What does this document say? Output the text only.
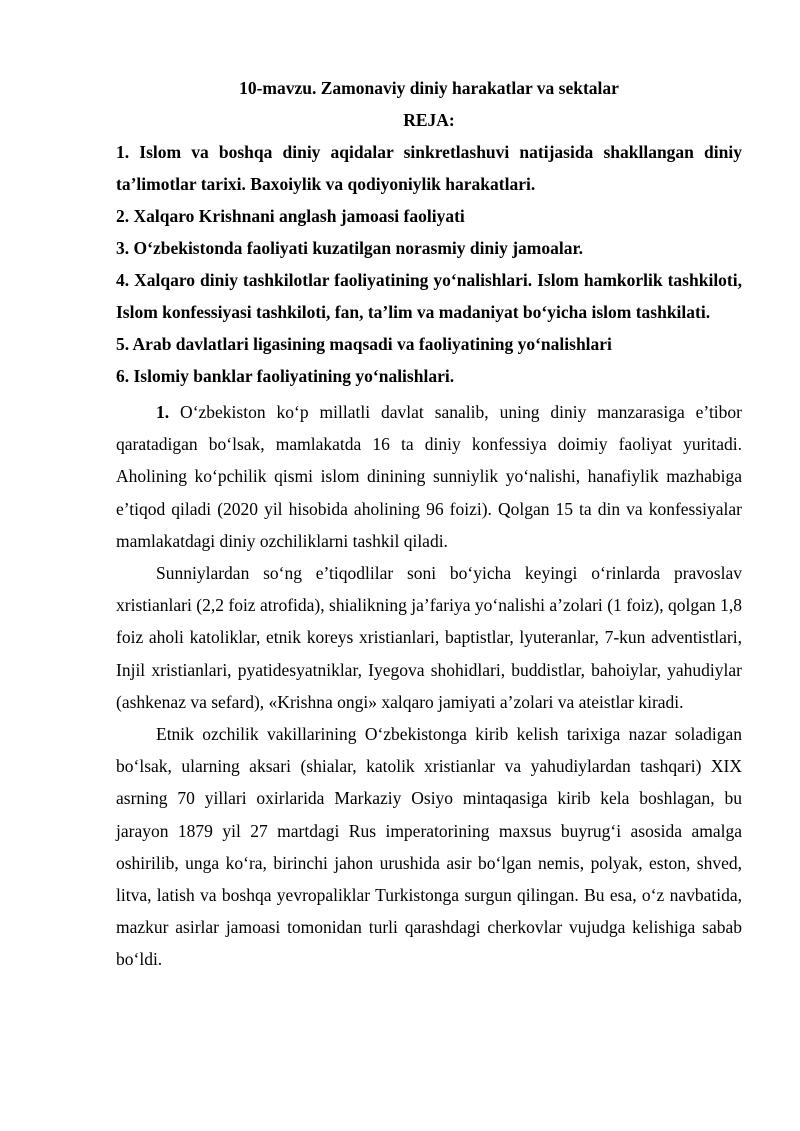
10-mavzu. Zamonaviy diniy harakatlar va sektalar
REJA:
1. Islom va boshqa diniy aqidalar sinkretlashuvi natijasida shakllangan diniy ta’limotlar tarixi. Baxoiylik va qodiyoniylik harakatlari.
2. Xalqaro Krishnani anglash jamoasi faoliyati
3. O‘zbekistonda faoliyati kuzatilgan norasmiy diniy jamoalar.
4. Xalqaro diniy tashkilotlar faoliyatining yo‘nalishlari. Islom hamkorlik tashkiloti, Islom konfessiyasi tashkiloti, fan, ta’lim va madaniyat bo‘yicha islom tashkilati.
5. Arab davlatlari ligasining maqsadi va faoliyatining yo‘nalishlari
6. Islomiy banklar faoliyatining yo‘nalishlari.

1. O‘zbekiston ko‘p millatli davlat sanalib, uning diniy manzarasiga e’tibor qaratadigan bo‘lsak, mamlakatda 16 ta diniy konfessiya doimiy faoliyat yuritadi. Aholining ko‘pchilik qismi islom dinining sunniylik yo‘nalishi, hanafiylik mazhabiga e’tiqod qiladi (2020 yil hisobida aholining 96 foizi). Qolgan 15 ta din va konfessiyalar mamlakatdagi diniy ozchiliklarni tashkil qiladi.

Sunniylardan so‘ng e’tiqodlilar soni bo‘yicha keyingi o‘rinlarda pravoslav xristianlari (2,2 foiz atrofida), shialikning ja’fariya yo‘nalishi a’zolari (1 foiz), qolgan 1,8 foiz aholi katoliklar, etnik koreys xristianlari, baptistlar, lyuteranlar, 7-kun adventistlari, Injil xristianlari, pyatidesyatniklar, Iyegova shohidlari, buddistlar, bahoiylar, yahudiylar (ashkenaz va sefard), «Krishna ongi» xalqaro jamiyati a’zolari va ateistlar kiradi.

Etnik ozchilik vakillarining O‘zbekistonga kirib kelish tarixiga nazar soladigan bo‘lsak, ularning aksari (shialar, katolik xristianlar va yahudiylardan tashqari) XIX asrning 70 yillari oxirlarida Markaziy Osiyo mintaqasiga kirib kela boshlagan, bu jarayon 1879 yil 27 martdagi Rus imperatorining maxsus buyrug‘i asosida amalga oshirilib, unga ko‘ra, birinchi jahon urushida asir bo‘lgan nemis, polyak, eston, shved, litva, latish va boshqa yevropaliklar Turkistonga surgun qilingan. Bu esa, o‘z navbatida, mazkur asirlar jamoasi tomonidan turli qarashdagi cherkovlar vujudga kelishiga sabab bo‘ldi.
